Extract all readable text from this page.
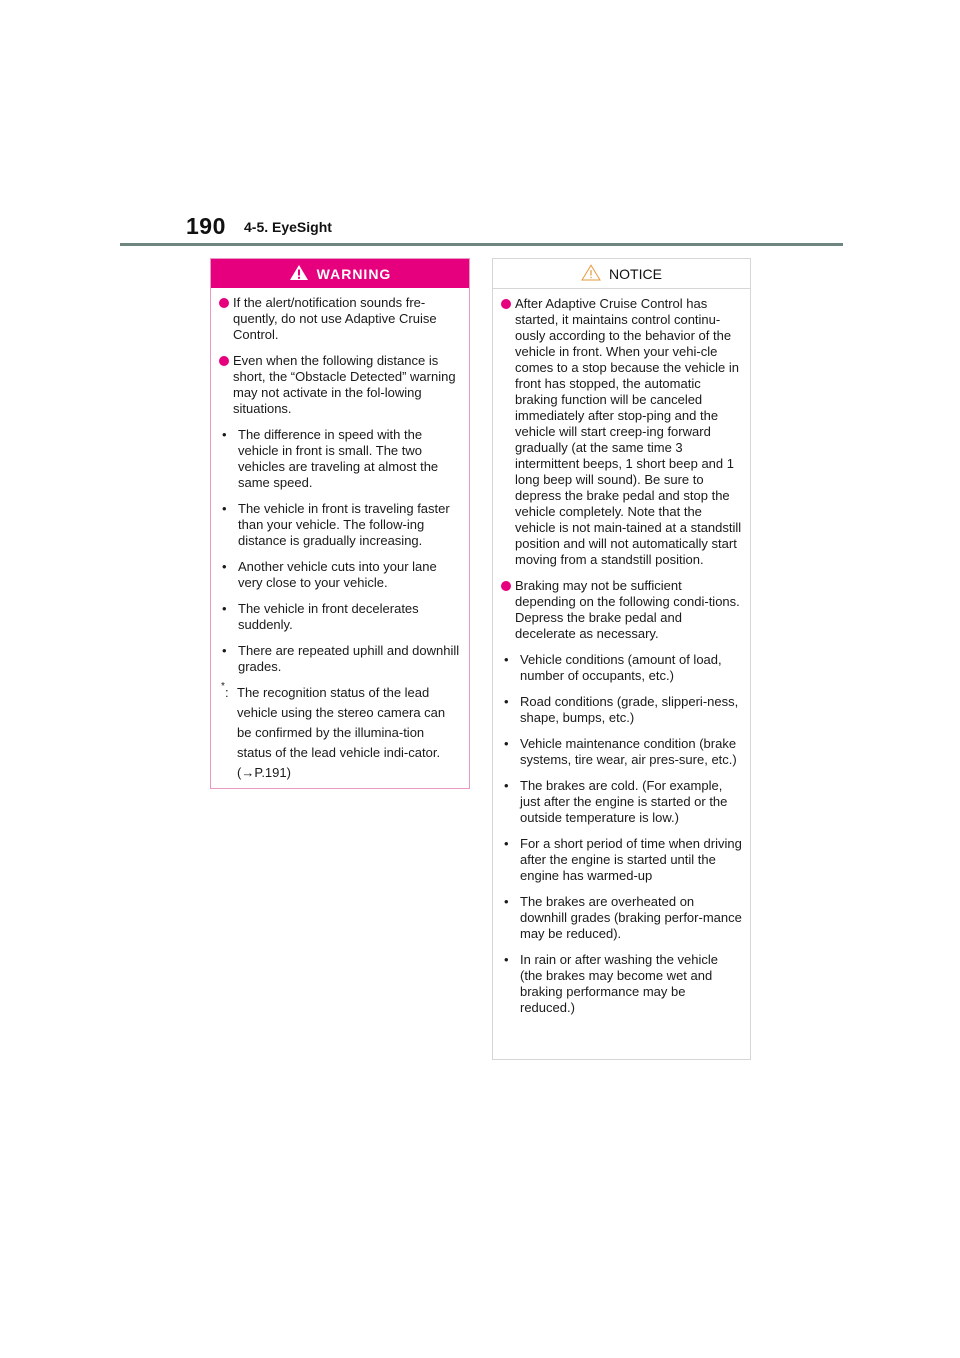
190 4-5. EyeSight
WARNING
If the alert/notification sounds fre-quently, do not use Adaptive Cruise Control.
Even when the following distance is short, the “Obstacle Detected” warning may not activate in the fol-lowing situations.
• The difference in speed with the vehicle in front is small. The two vehicles are traveling at almost the same speed.
• The vehicle in front is traveling faster than your vehicle. The follow-ing distance is gradually increasing.
• Another vehicle cuts into your lane very close to your vehicle.
• The vehicle in front decelerates suddenly.
• There are repeated uphill and downhill grades.
* : The recognition status of the lead vehicle using the stereo camera can be confirmed by the illumina-tion status of the lead vehicle indi-cator. (→P.191)
NOTICE
After Adaptive Cruise Control has started, it maintains control continu-ously according to the behavior of the vehicle in front. When your vehi-cle comes to a stop because the vehicle in front has stopped, the automatic braking function will be canceled immediately after stop-ping and the vehicle will start creep-ing forward gradually (at the same time 3 intermittent beeps, 1 short beep and 1 long beep will sound). Be sure to depress the brake pedal and stop the vehicle completely. Note that the vehicle is not main-tained at a standstill position and will not automatically start moving from a standstill position.
Braking may not be sufficient depending on the following condi-tions. Depress the brake pedal and decelerate as necessary.
• Vehicle conditions (amount of load, number of occupants, etc.)
• Road conditions (grade, slipperi-ness, shape, bumps, etc.)
• Vehicle maintenance condition (brake systems, tire wear, air pres-sure, etc.)
• The brakes are cold. (For example, just after the engine is started or the outside temperature is low.)
• For a short period of time when driving after the engine is started until the engine has warmed-up
• The brakes are overheated on downhill grades (braking perfor-mance may be reduced).
• In rain or after washing the vehicle (the brakes may become wet and braking performance may be reduced.)
